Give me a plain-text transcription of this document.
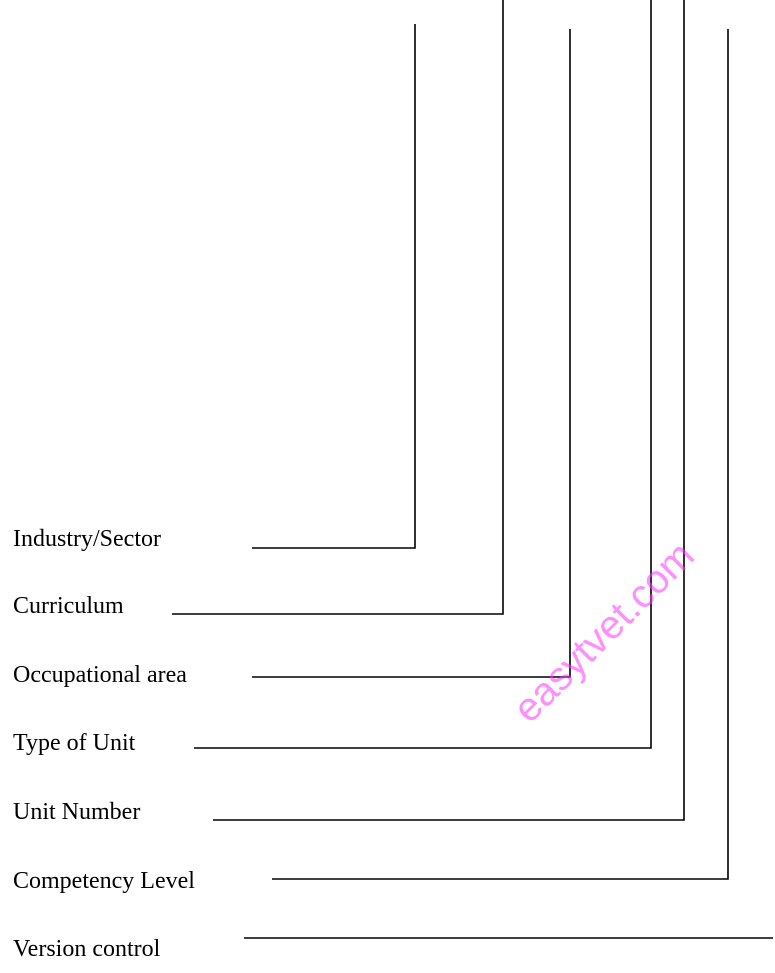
Industry/Sector
Curriculum
Occupational area
Type of Unit
Unit Number
Competency Level
Version control
easytvet.com
